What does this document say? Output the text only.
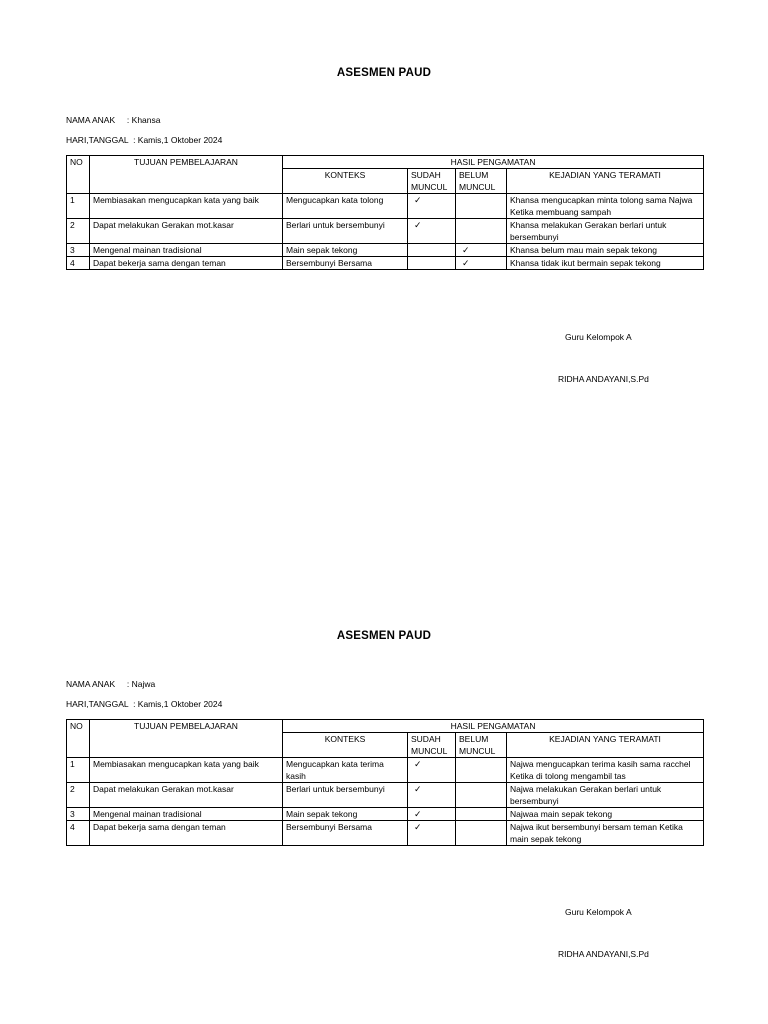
ASESMEN PAUD
NAMA ANAK     : Khansa
HARI,TANGGAL  : Kamis,1 Oktober 2024
NO	TUJUAN PEMBELAJARAN	HASIL PENGAMATAN			
		KONTEKS	SUDAH MUNCUL	BELUM MUNCUL	KEJADIAN YANG TERAMATI
1	Membiasakan mengucapkan kata yang baik	Mengucapkan kata tolong	✓		Khansa mengucapkan minta tolong sama Najwa Ketika membuang sampah
2	Dapat melakukan Gerakan mot.kasar	Berlari untuk bersembunyi	✓		Khansa melakukan Gerakan berlari untuk bersembunyi
3	Mengenal mainan tradisional	Main sepak tekong		✓	Khansa belum mau main sepak tekong
4	Dapat bekerja sama dengan teman	Bersembunyi Bersama		✓	Khansa tidak ikut bermain sepak tekong
Guru Kelompok A
RIDHA ANDAYANI,S.Pd
ASESMEN PAUD
NAMA ANAK     : Najwa
HARI,TANGGAL  : Kamis,1 Oktober 2024
NO	TUJUAN PEMBELAJARAN	HASIL PENGAMATAN			
		KONTEKS	SUDAH MUNCUL	BELUM MUNCUL	KEJADIAN YANG TERAMATI
1	Membiasakan mengucapkan kata yang baik	Mengucapkan kata terima kasih	✓		Najwa mengucapkan terima kasih sama racchel Ketika di tolong mengambil tas
2	Dapat melakukan Gerakan mot.kasar	Berlari untuk bersembunyi	✓		Najwa melakukan Gerakan berlari untuk bersembunyi
3	Mengenal mainan tradisional	Main sepak tekong	✓		Najwaa main sepak tekong
4	Dapat bekerja sama dengan teman	Bersembunyi Bersama	✓		Najwa ikut bersembunyi bersam teman Ketika main sepak tekong
Guru Kelompok A
RIDHA ANDAYANI,S.Pd
